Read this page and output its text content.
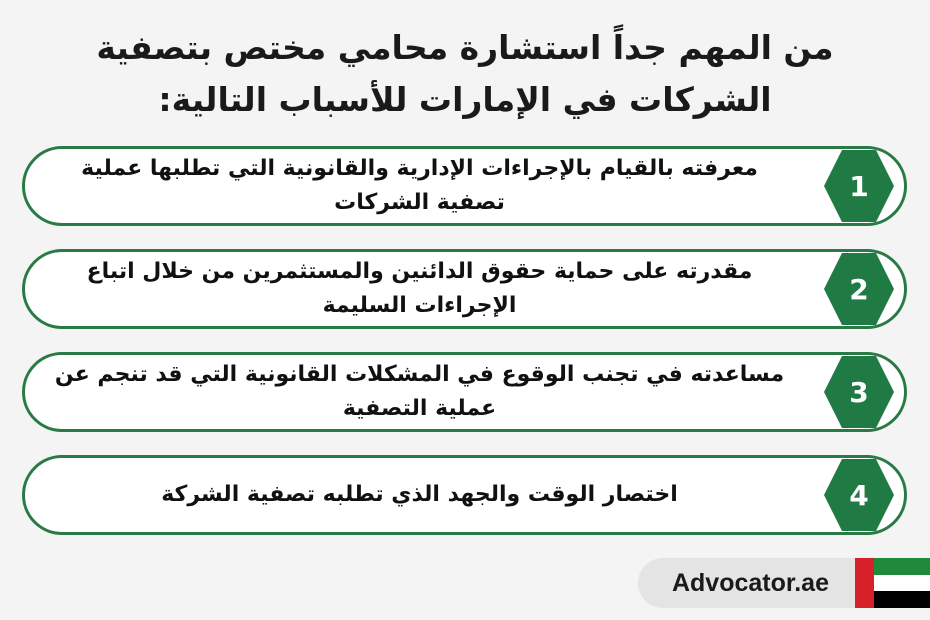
من المهم جداً استشارة محامي مختص بتصفية الشركات في الإمارات للأسباب التالية:
معرفته بالقيام بالإجراءات الإدارية والقانونية التي تطلبها عملية تصفية الشركات	1
مقدرته على حماية حقوق الدائنين والمستثمرين من خلال اتباع الإجراءات السليمة	2
مساعدته في تجنب الوقوع في المشكلات القانونية التي قد تنجم عن عملية التصفية	3
اختصار الوقت والجهد الذي تطلبه تصفية الشركة	4
Advocator.ae
